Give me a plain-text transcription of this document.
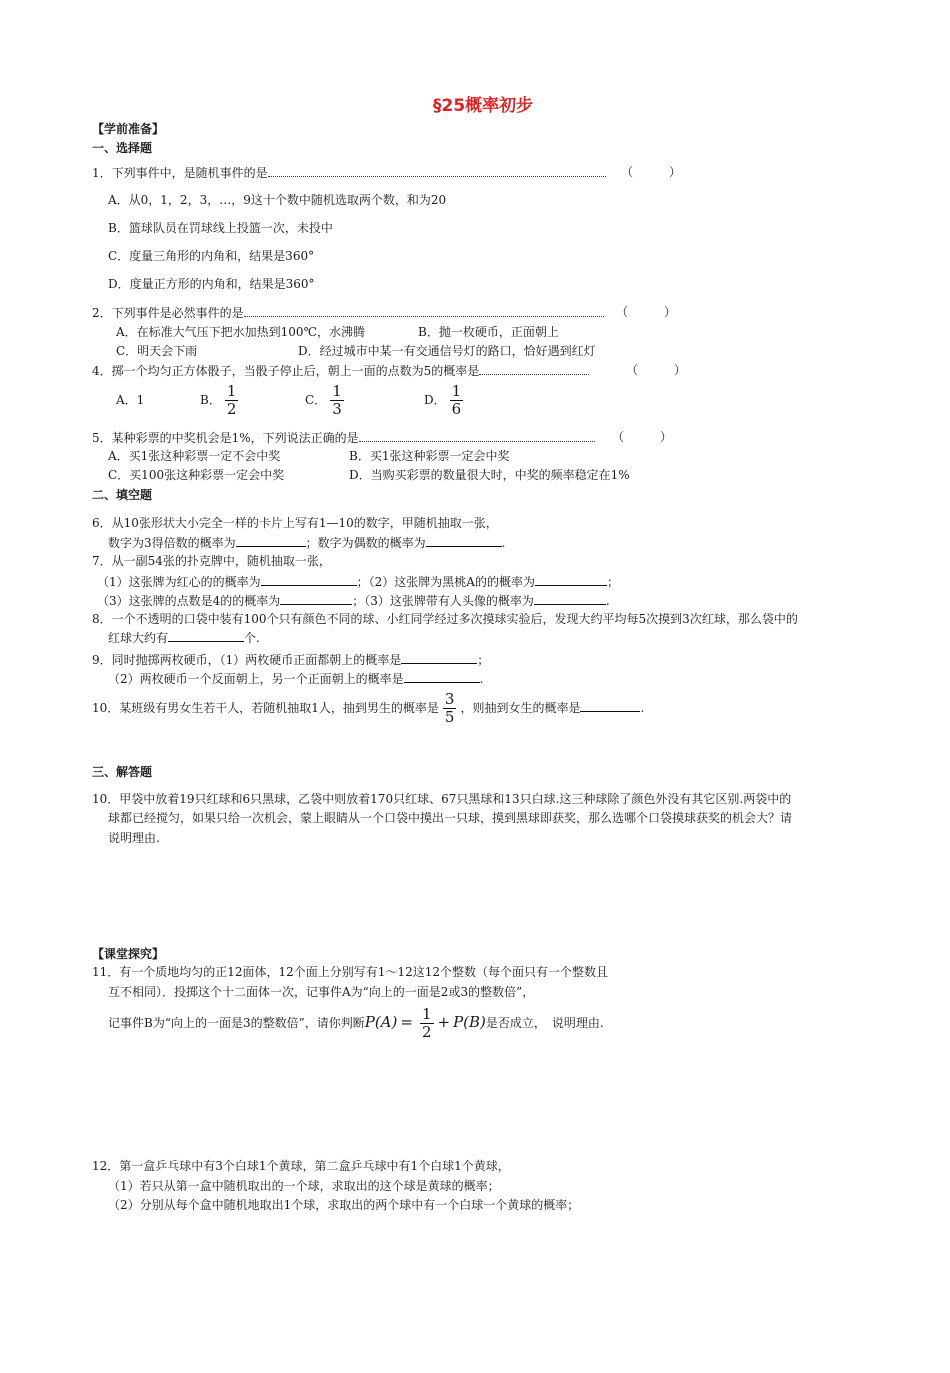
§25概率初步
【学前准备】
一、选择题
1．下列事件中，是随机事件的是	（　　　）
A．从0，1，2，3，…，9这十个数中随机选取两个数，和为20
B．篮球队员在罚球线上投篮一次，未投中
C．度量三角形的内角和，结果是360°
D．度量正方形的内角和，结果是360°
2．下列事件是必然事件的是	（　　　）
A．在标准大气压下把水加热到100℃，水沸腾	B．抛一枚硬币，正面朝上
C．明天会下雨	D．经过城市中某一有交通信号灯的路口，恰好遇到红灯
4．掷一个均匀正方体骰子，当骰子停止后，朝上一面的点数为5的概率是	（　　　）
A．1	B． $\frac{1}{2}$	C． $\frac{1}{3}$	D． $\frac{1}{6}$
5．某种彩票的中奖机会是1%，下列说法正确的是	（　　　）
A．买1张这种彩票一定不会中奖	B．买1张这种彩票一定会中奖
C．买100张这种彩票一定会中奖	D．当购买彩票的数量很大时，中奖的频率稳定在1%
二、填空题
6．从10张形状大小完全一样的卡片上写有1—10的数字，甲随机抽取一张，
数字为3得倍数的概率为	；数字为偶数的概率为	.
7．从一副54张的扑克牌中，随机抽取一张，
（1）这张牌为红心的的概率为	；（2）这张牌为黑桃A的的概率为	；
（3）这张牌的点数是4的的概率为	；（3）这张牌带有人头像的概率为	.
8．一个不透明的口袋中装有100个只有颜色不同的球、小红同学经过多次摸球实验后，发现大约平均每5次摸到3次红球，那么袋中的
红球大约有	个.
9．同时抛掷两枚硬币，（1）两枚硬币正面都朝上的概率是	；
（2）两枚硬币一个反面朝上，另一个正面朝上的概率是	.
10．某班级有男女生若干人，若随机抽取1人，抽到男生的概率是 $\frac{3}{5}$ ，则抽到女生的概率是	.
三、解答题
10．甲袋中放着19只红球和6只黑球，乙袋中则放着170只红球、67只黑球和13只白球.这三种球除了颜色外没有其它区别.两袋中的
球都已经搅匀，如果只给一次机会，蒙上眼睛从一个口袋中摸出一只球，摸到黑球即获奖，那么选哪个口袋摸球获奖的机会大？请
说明理由.
【课堂探究】
11．有一个质地均匀的正12面体，12个面上分别写有1～12这12个整数（每个面只有一个整数且
互不相同）．投掷这个十二面体一次，记事件A为“向上的一面是2或3的整数倍”，
记事件B为“向上的一面是3的整数倍”，请你判断$P(A) = \frac{1}{2} + P(B)$是否成立，　说明理由.
12．第一盒乒乓球中有3个白球1个黄球，第二盒乒乓球中有1个白球1个黄球，
（1）若只从第一盒中随机取出的一个球，求取出的这个球是黄球的概率；
（2）分别从每个盒中随机地取出1个球，求取出的两个球中有一个白球一个黄球的概率；
